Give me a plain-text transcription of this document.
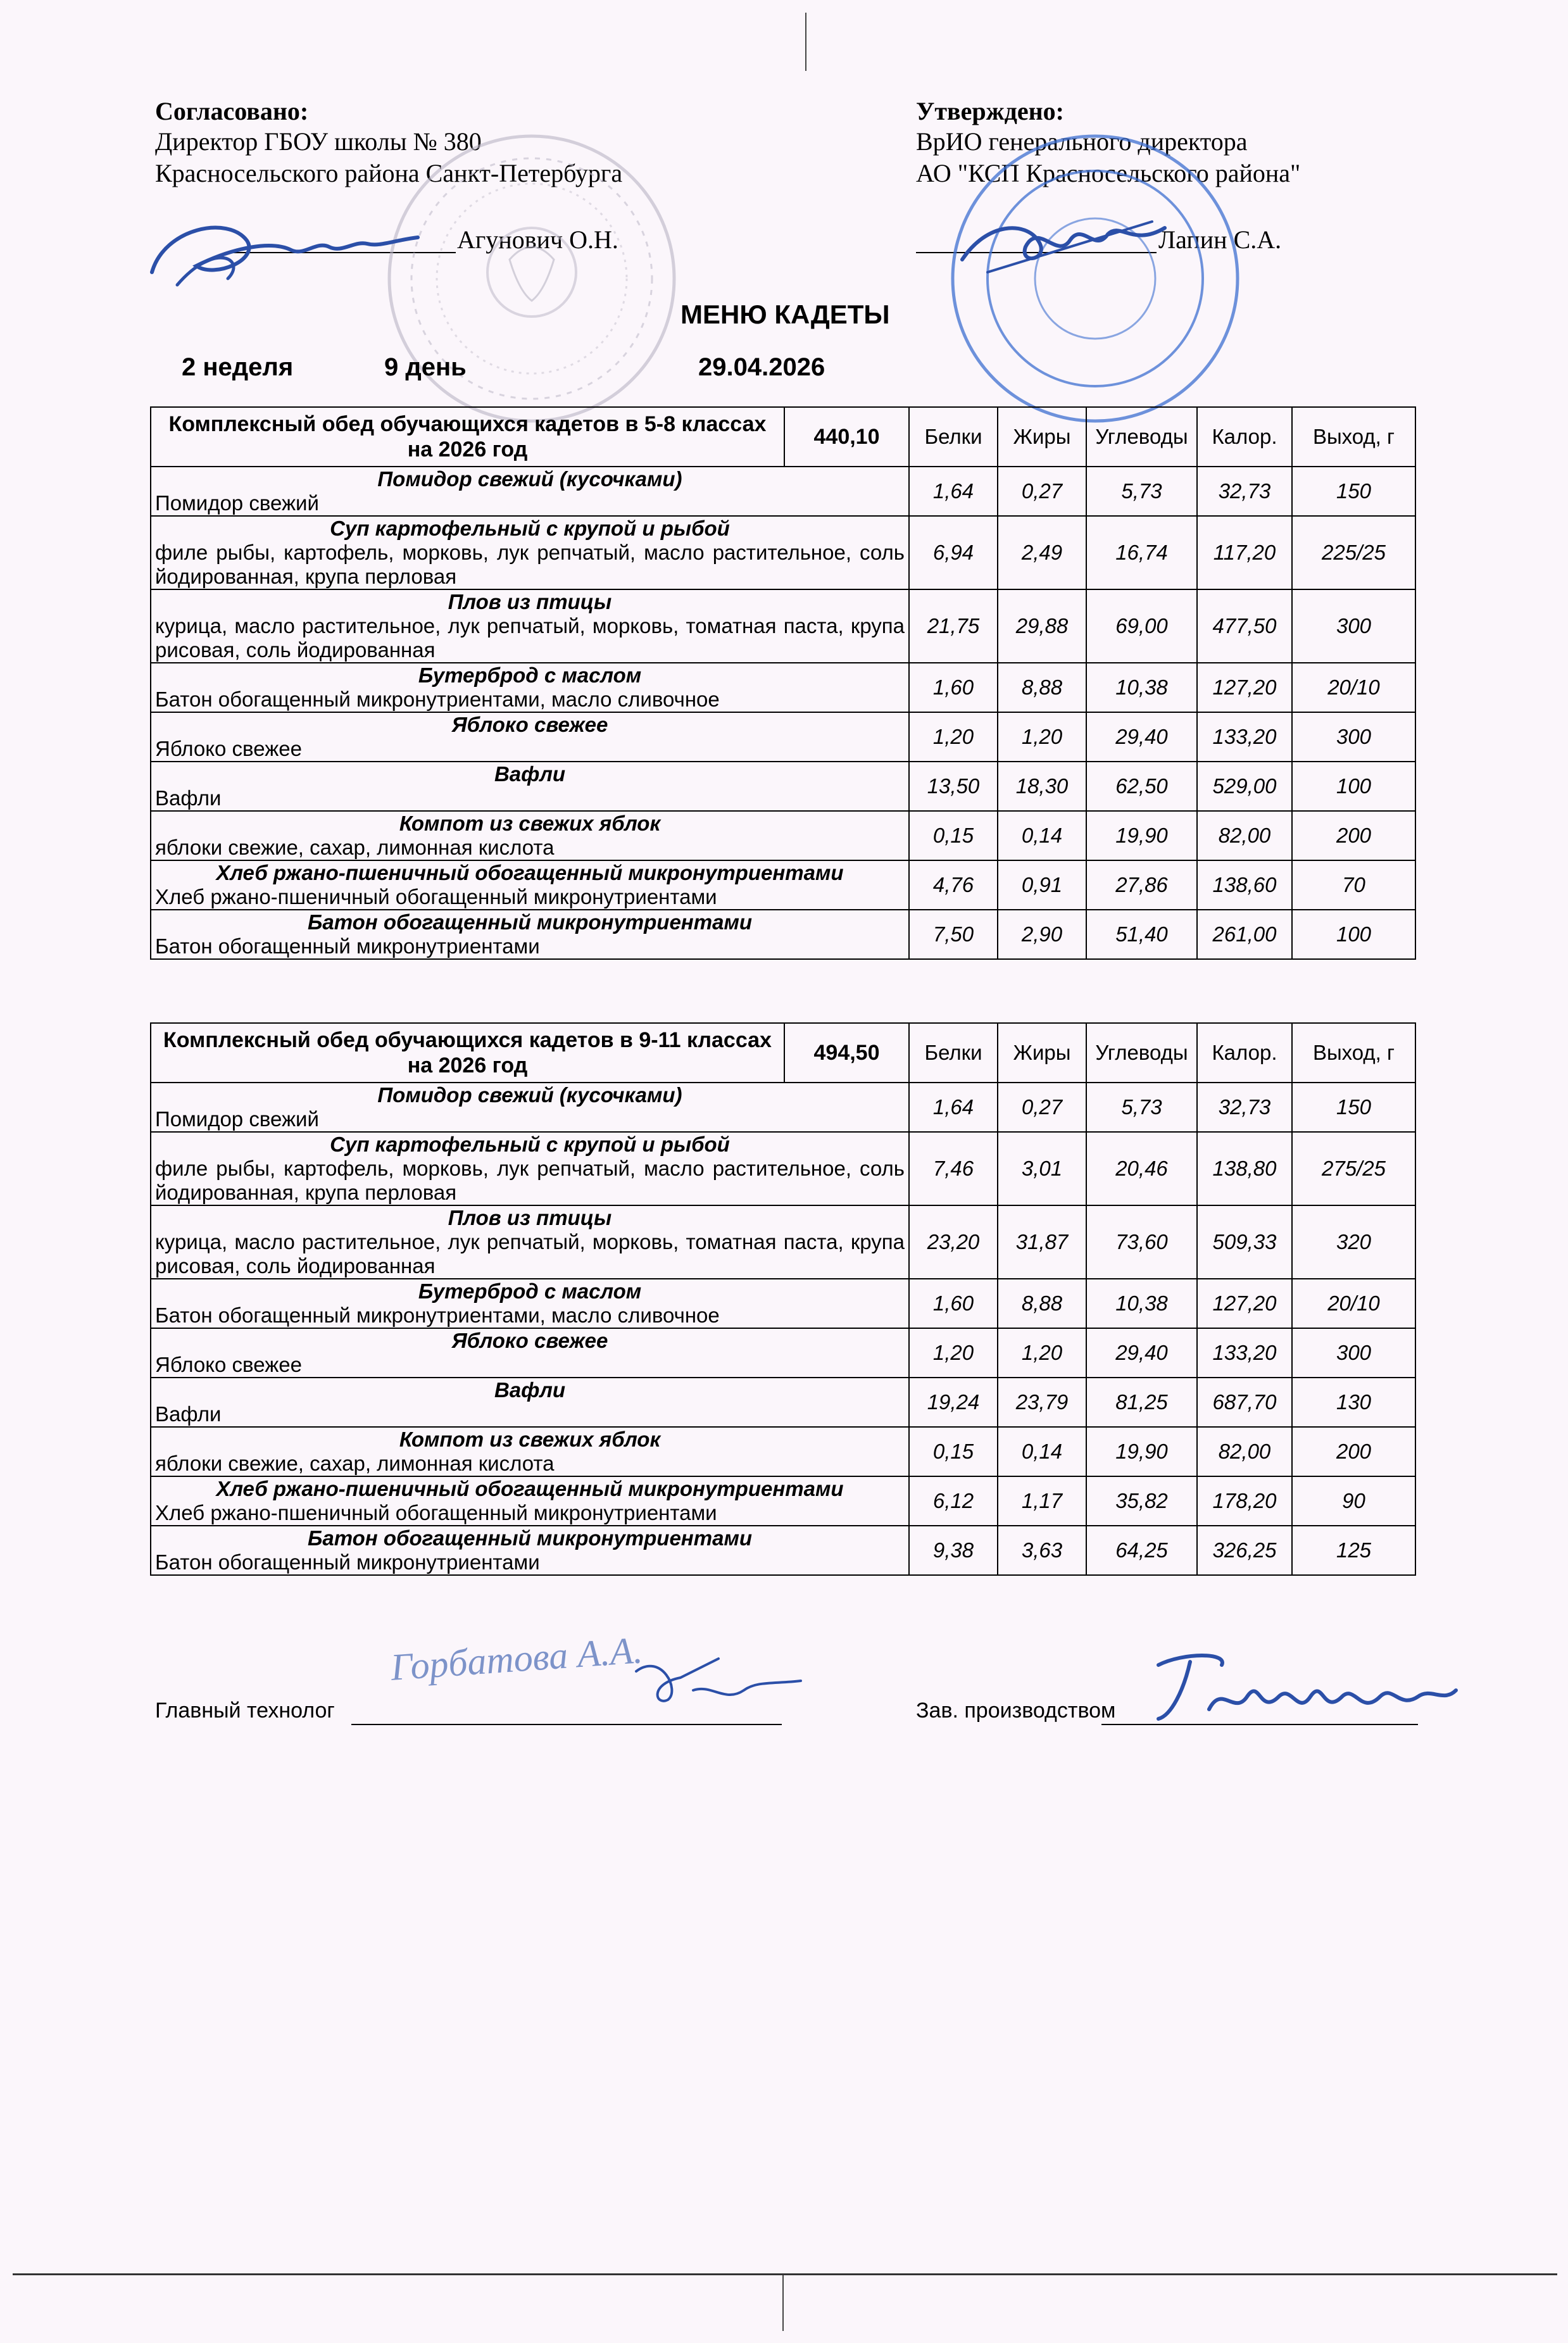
Согласовано:
Директор ГБОУ школы № 380
Красносельского района Санкт-Петербурга
Агунович О.Н.
Утверждено:
ВрИО генерального директора
АО "КСП Красносельского района"
Лапин С.А.
МЕНЮ КАДЕТЫ
2 неделя	9 день	29.04.2026
Комплексный обед обучающихся кадетов в 5-8 классах на 2026 год	440,10	Белки	Жиры	Углеводы	Калор.	Выход, г

Помидор свежий (кусочками)
Помидор свежий		1,64	0,27	5,73	32,73	150

Суп картофельный с крупой и рыбой
филе рыбы, картофель, морковь, лук репчатый, масло растительное, соль йодированная, крупа перловая		6,94	2,49	16,74	117,20	225/25

Плов из птицы
курица, масло растительное, лук репчатый, морковь, томатная паста, крупа рисовая, соль йодированная		21,75	29,88	69,00	477,50	300

Бутерброд с маслом
Батон обогащенный микронутриентами, масло сливочное		1,60	8,88	10,38	127,20	20/10

Яблоко свежее
Яблоко свежее		1,20	1,20	29,40	133,20	300

Вафли
Вафли		13,50	18,30	62,50	529,00	100

Компот из свежих яблок
яблоки свежие, сахар, лимонная кислота		0,15	0,14	19,90	82,00	200

Хлеб ржано-пшеничный обогащенный микронутриентами
Хлеб ржано-пшеничный обогащенный микронутриентами		4,76	0,91	27,86	138,60	70

Батон обогащенный микронутриентами
Батон обогащенный микронутриентами		7,50	2,90	51,40	261,00	100
Комплексный обед обучающихся кадетов в 9-11 классах на 2026 год	494,50	Белки	Жиры	Углеводы	Калор.	Выход, г

Помидор свежий (кусочками)
Помидор свежий		1,64	0,27	5,73	32,73	150

Суп картофельный с крупой и рыбой
филе рыбы, картофель, морковь, лук репчатый, масло растительное, соль йодированная, крупа перловая		7,46	3,01	20,46	138,80	275/25

Плов из птицы
курица, масло растительное, лук репчатый, морковь, томатная паста, крупа рисовая, соль йодированная		23,20	31,87	73,60	509,33	320

Бутерброд с маслом
Батон обогащенный микронутриентами, масло сливочное		1,60	8,88	10,38	127,20	20/10

Яблоко свежее
Яблоко свежее		1,20	1,20	29,40	133,20	300

Вафли
Вафли		19,24	23,79	81,25	687,70	130

Компот из свежих яблок
яблоки свежие, сахар, лимонная кислота		0,15	0,14	19,90	82,00	200

Хлеб ржано-пшеничный обогащенный микронутриентами
Хлеб ржано-пшеничный обогащенный микронутриентами		6,12	1,17	35,82	178,20	90

Батон обогащенный микронутриентами
Батон обогащенный микронутриентами		9,38	3,63	64,25	326,25	125
Главный технолог
Горбатова А.А.
Зав. производством
